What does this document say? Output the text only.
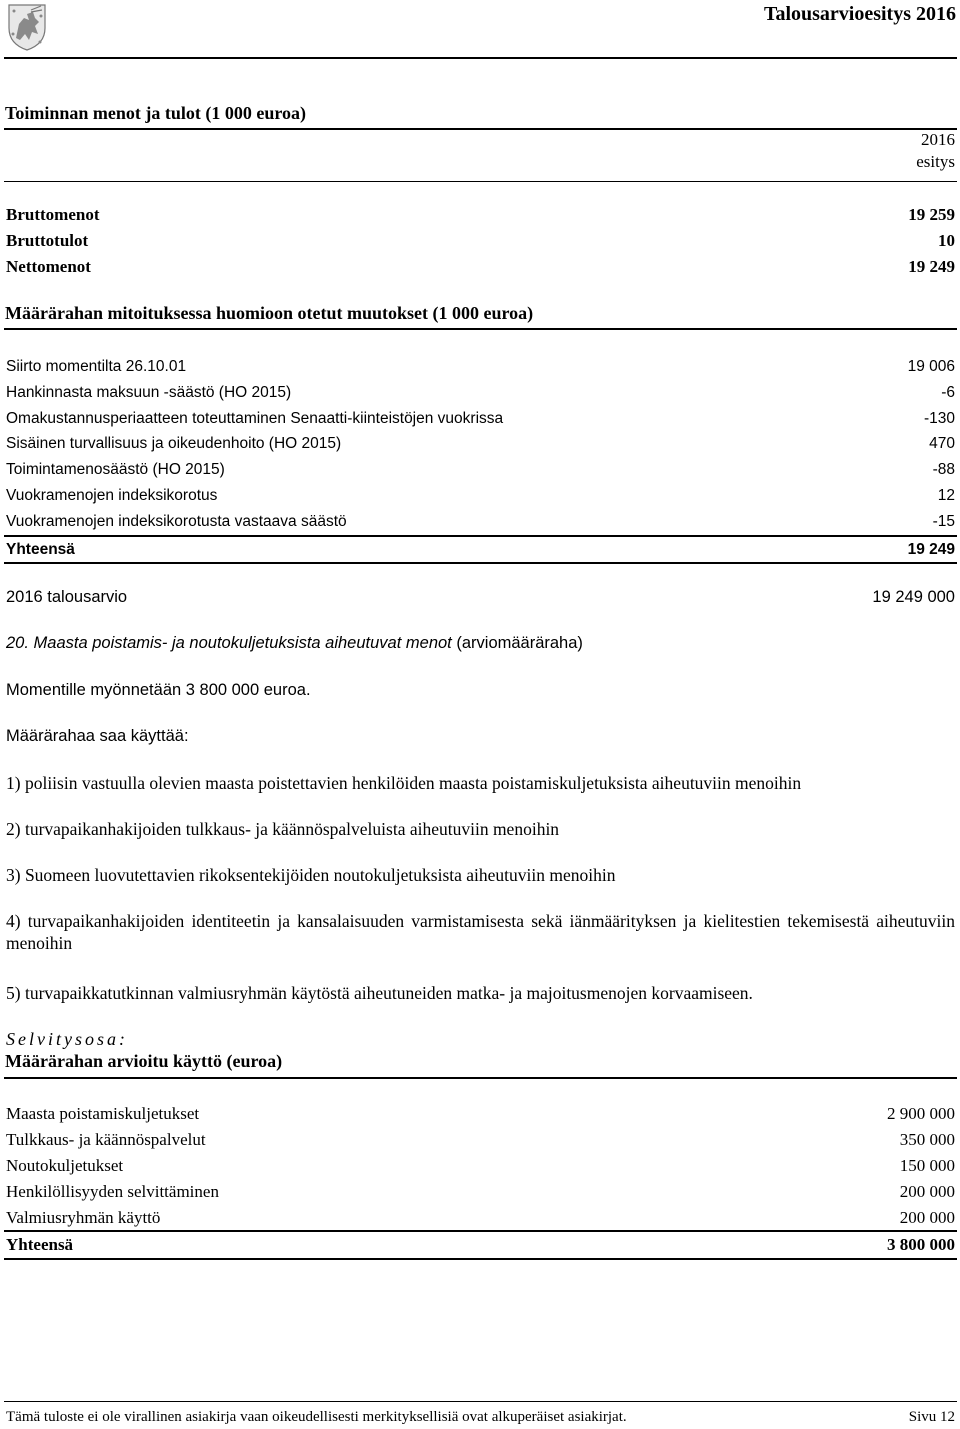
Talousarvioesitys 2016
Toiminnan menot ja tulot (1 000 euroa)
2016
esitys
Bruttomenot	19 259
Bruttotulot	10
Nettomenot	19 249
Määrärahan mitoituksessa huomioon otetut muutokset (1 000 euroa)
Siirto momentilta 26.10.01	19 006
Hankinnasta maksuun -säästö (HO 2015)	-6
Omakustannusperiaatteen toteuttaminen Senaatti-kiinteistöjen vuokrissa	-130
Sisäinen turvallisuus ja oikeudenhoito (HO 2015)	470
Toimintamenosäästö (HO 2015)	-88
Vuokramenojen indeksikorotus	12
Vuokramenojen indeksikorotusta vastaava säästö	-15
Yhteensä	19 249
2016 talousarvio	19 249 000
20. Maasta poistamis- ja noutokuljetuksista aiheutuvat menot (arviomääräraha)
Momentille myönnetään 3 800 000 euroa.
Määrärahaa saa käyttää:
1) poliisin vastuulla olevien maasta poistettavien henkilöiden maasta poistamiskuljetuksista aiheutuviin menoihin
2) turvapaikanhakijoiden tulkkaus- ja käännöspalveluista aiheutuviin menoihin
3) Suomeen luovutettavien rikoksentekijöiden noutokuljetuksista aiheutuviin menoihin
4) turvapaikanhakijoiden identiteetin ja kansalaisuuden varmistamisesta sekä iänmäärityksen ja kielitestien tekemisestä aiheutuviin menoihin
5) turvapaikkatutkinnan valmiusryhmän käytöstä aiheutuneiden matka- ja majoitusmenojen korvaamiseen.
Selvitysosa:
Määrärahan arvioitu käyttö (euroa)
Maasta poistamiskuljetukset	2 900 000
Tulkkaus- ja käännöspalvelut	350 000
Noutokuljetukset	150 000
Henkilöllisyyden selvittäminen	200 000
Valmiusryhmän käyttö	200 000
Yhteensä	3 800 000
Tämä tuloste ei ole virallinen asiakirja vaan oikeudellisesti merkityksellisiä ovat alkuperäiset asiakirjat.	Sivu 12
